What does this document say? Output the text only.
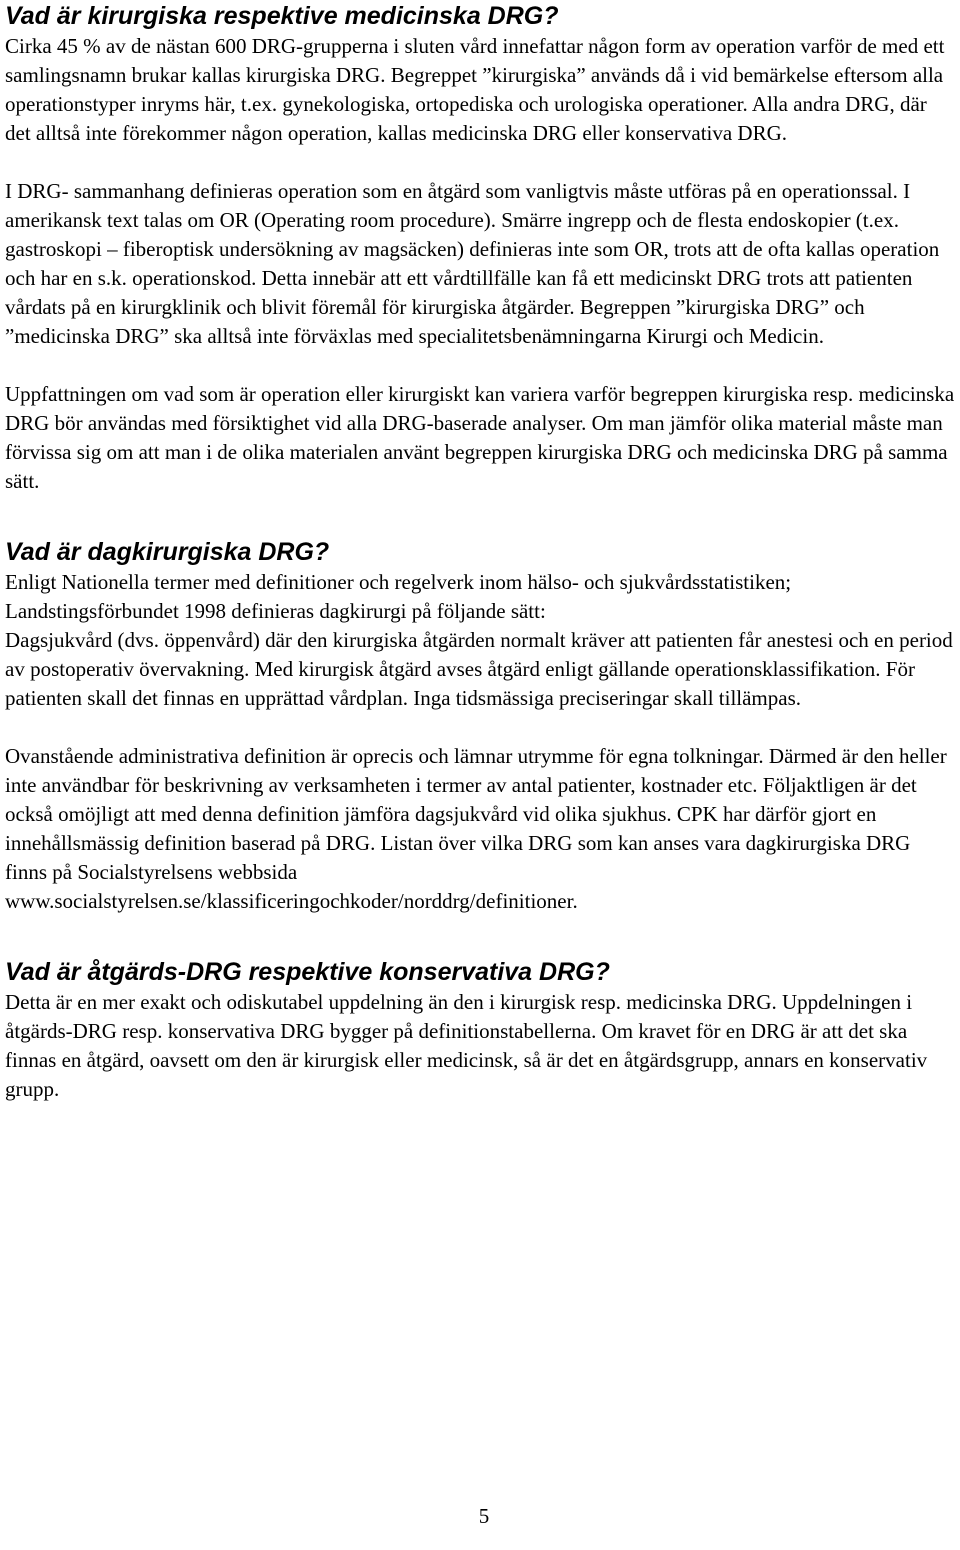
Vad är kirurgiska respektive medicinska DRG?

Cirka 45 % av de nästan 600 DRG-grupperna i sluten vård innefattar någon form av operation varför de med ett samlingsnamn brukar kallas kirurgiska DRG. Begreppet ”kirurgiska” används då i vid bemärkelse eftersom alla operationstyper inryms här, t.ex. gynekologiska, ortopediska och urologiska operationer. Alla andra DRG, där det alltså inte förekommer någon operation, kallas medicinska DRG eller konservativa DRG.

I DRG- sammanhang definieras operation som en åtgärd som vanligtvis måste utföras på en operationssal. I amerikansk text talas om OR (Operating room procedure). Smärre ingrepp och de flesta endoskopier (t.ex. gastroskopi – fiberoptisk undersökning av magsäcken) definieras inte som OR, trots att de ofta kallas operation och har en s.k. operationskod. Detta innebär att ett vårdtillfälle kan få ett medicinskt DRG trots att patienten vårdats på en kirurgklinik och blivit föremål för kirurgiska åtgärder. Begreppen ”kirurgiska DRG” och ”medicinska DRG” ska alltså inte förväxlas med specialitetsbenämningarna Kirurgi och Medicin.

Uppfattningen om vad som är operation eller kirurgiskt kan variera varför begreppen kirurgiska resp. medicinska DRG bör användas med försiktighet vid alla DRG-baserade analyser. Om man jämför olika material måste man förvissa sig om att man i de olika materialen använt begreppen kirurgiska DRG och medicinska DRG på samma sätt.

Vad är dagkirurgiska DRG?

Enligt Nationella termer med definitioner och regelverk inom hälso- och sjukvårdsstatistiken;

Landstingsförbundet 1998 definieras dagkirurgi på följande sätt:

Dagsjukvård (dvs. öppenvård) där den kirurgiska åtgärden normalt kräver att patienten får anestesi och en period av postoperativ övervakning. Med kirurgisk åtgärd avses åtgärd enligt gällande operationsklassifikation. För patienten skall det finnas en upprättad vårdplan. Inga tidsmässiga preciseringar skall tillämpas.

Ovanstående administrativa definition är oprecis och lämnar utrymme för egna tolkningar. Därmed är den heller inte användbar för beskrivning av verksamheten i termer av antal patienter, kostnader etc. Följaktligen är det också omöjligt att med denna definition jämföra dagsjukvård vid olika sjukhus. CPK har därför gjort en innehållsmässig definition baserad på DRG. Listan över vilka DRG som kan anses vara dagkirurgiska DRG finns på Socialstyrelsens webbsida

www.socialstyrelsen.se/klassificeringochkoder/norddrg/definitioner.

Vad är åtgärds-DRG respektive konservativa DRG?

Detta är en mer exakt och odiskutabel uppdelning än den i kirurgisk resp. medicinska DRG. Uppdelningen i åtgärds-DRG resp. konservativa DRG bygger på definitionstabellerna. Om kravet för en DRG är att det ska finnas en åtgärd, oavsett om den är kirurgisk eller medicinsk, så är det en åtgärdsgrupp, annars en konservativ grupp.

5
